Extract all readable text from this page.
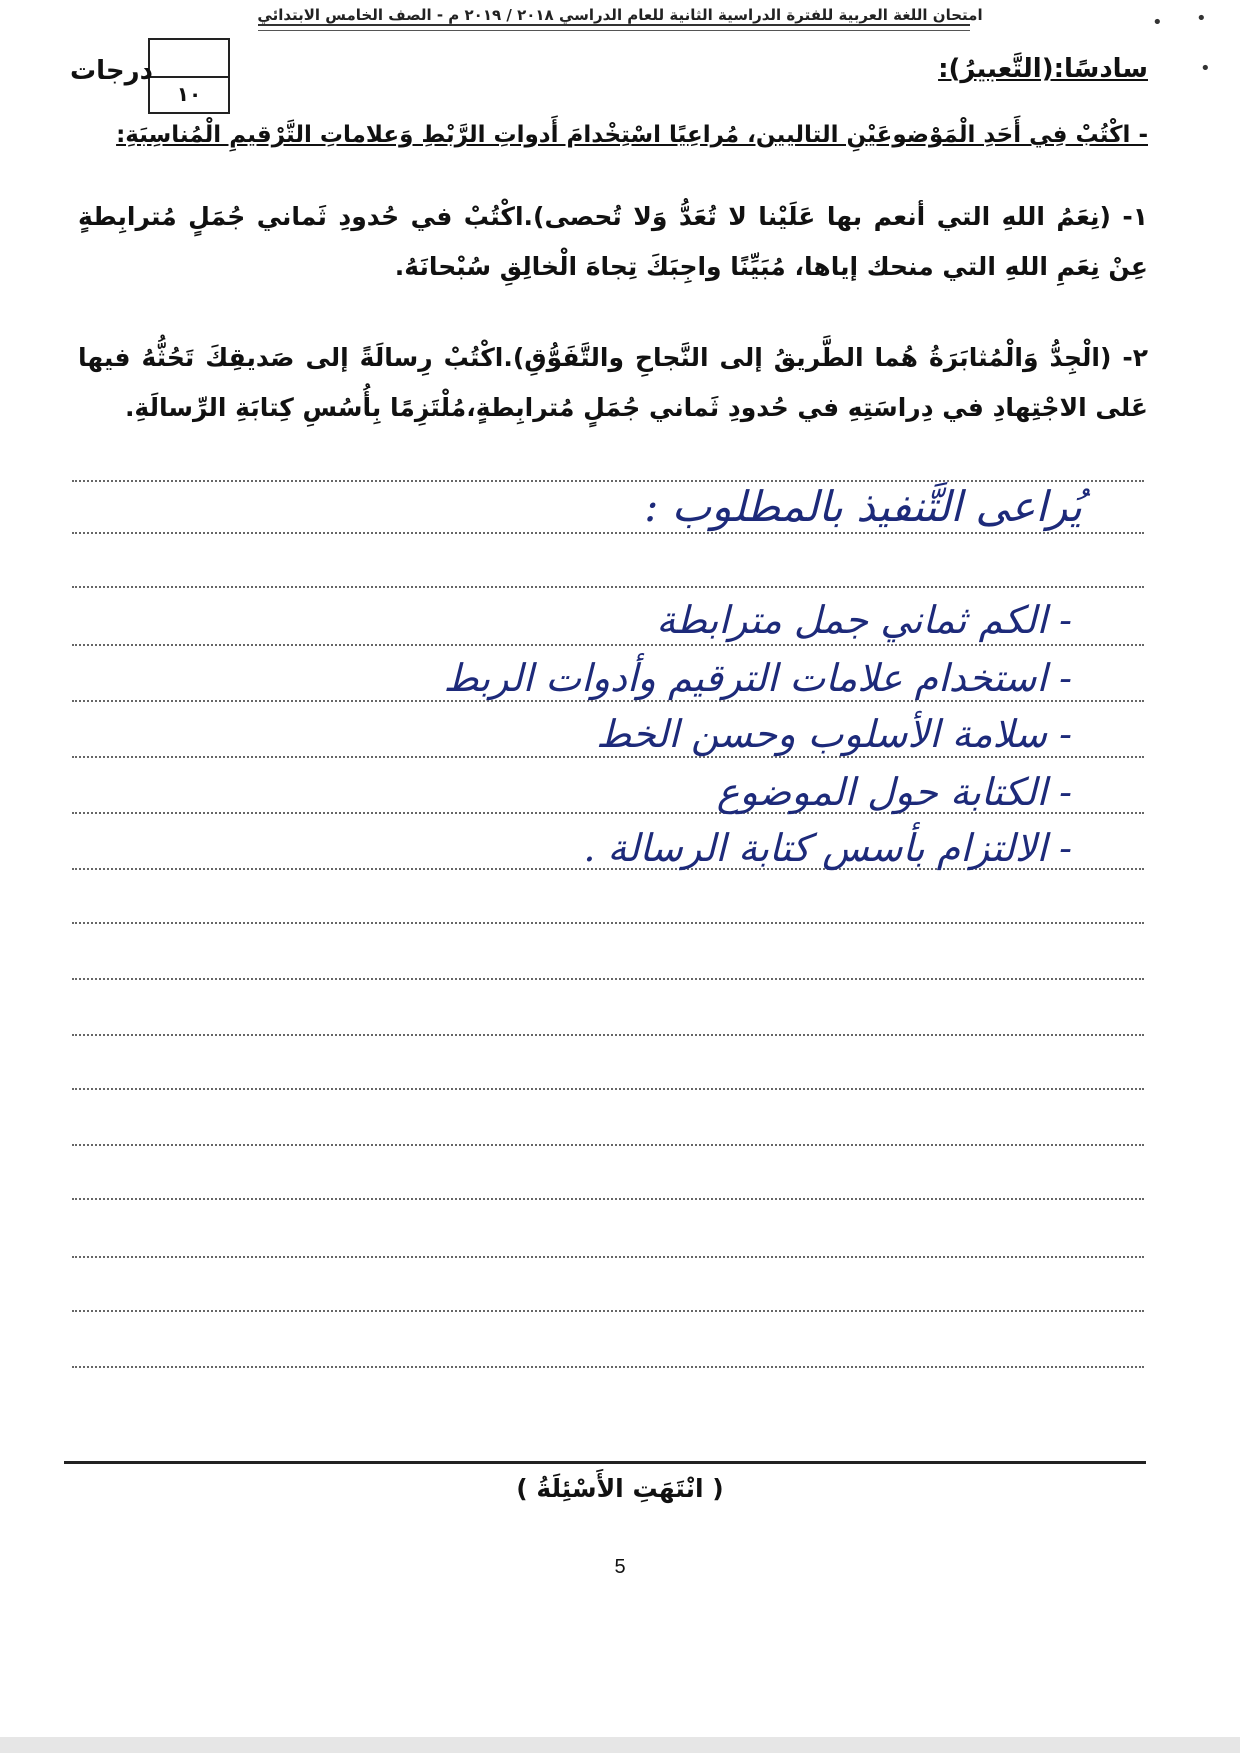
امتحان اللغة العربية للفترة الدراسية الثانية للعام الدراسي ٢٠١٨ / ٢٠١٩ م - الصف الخامس الابتدائي	•
•
•
١٠
درجات	سادسًا:(التَّعبيرُ):
- اكْتُبْ فِي أَحَدِ الْمَوْضوعَيْنِ التاليين، مُراعِيًا اسْتِخْدامَ أَدواتِ الرَّبْطِ وَعلاماتِ التَّرْقيمِ الْمُناسِبَةِ:
١- (نِعَمُ اللهِ التي أنعم بها عَلَيْنا لا تُعَدُّ وَلا تُحصى).اكْتُبْ في حُدودِ ثَماني جُمَلٍ مُترابِطةٍ عِنْ نِعَمِ اللهِ التي منحك إياها، مُبَيِّنًا واجِبَكَ تِجاهَ الْخالِقِ سُبْحانَهُ.
٢- (الْجِدُّ وَالْمُثابَرَةُ هُما الطَّريقُ إلى النَّجاحِ والتَّفَوُّقِ).اكْتُبْ رِسالَةً إلى صَديقِكَ تَحُثُّهُ فيها عَلى الاجْتِهادِ في دِراسَتِهِ في حُدودِ ثَماني جُمَلٍ مُترابِطةٍ،مُلْتَزِمًا بِأُسُسِ كِتابَةِ الرِّسالَةِ.
يُراعى التَّنفيذ بالمطلوب :
- الكم ثماني جمل مترابطة
- استخدام علامات الترقيم وأدوات الربط
- سلامة الأسلوب وحسن الخط
- الكتابة حول الموضوع
- الالتزام بأسس كتابة الرسالة .
( انْتَهَتِ الأَسْئِلَةُ )
5
